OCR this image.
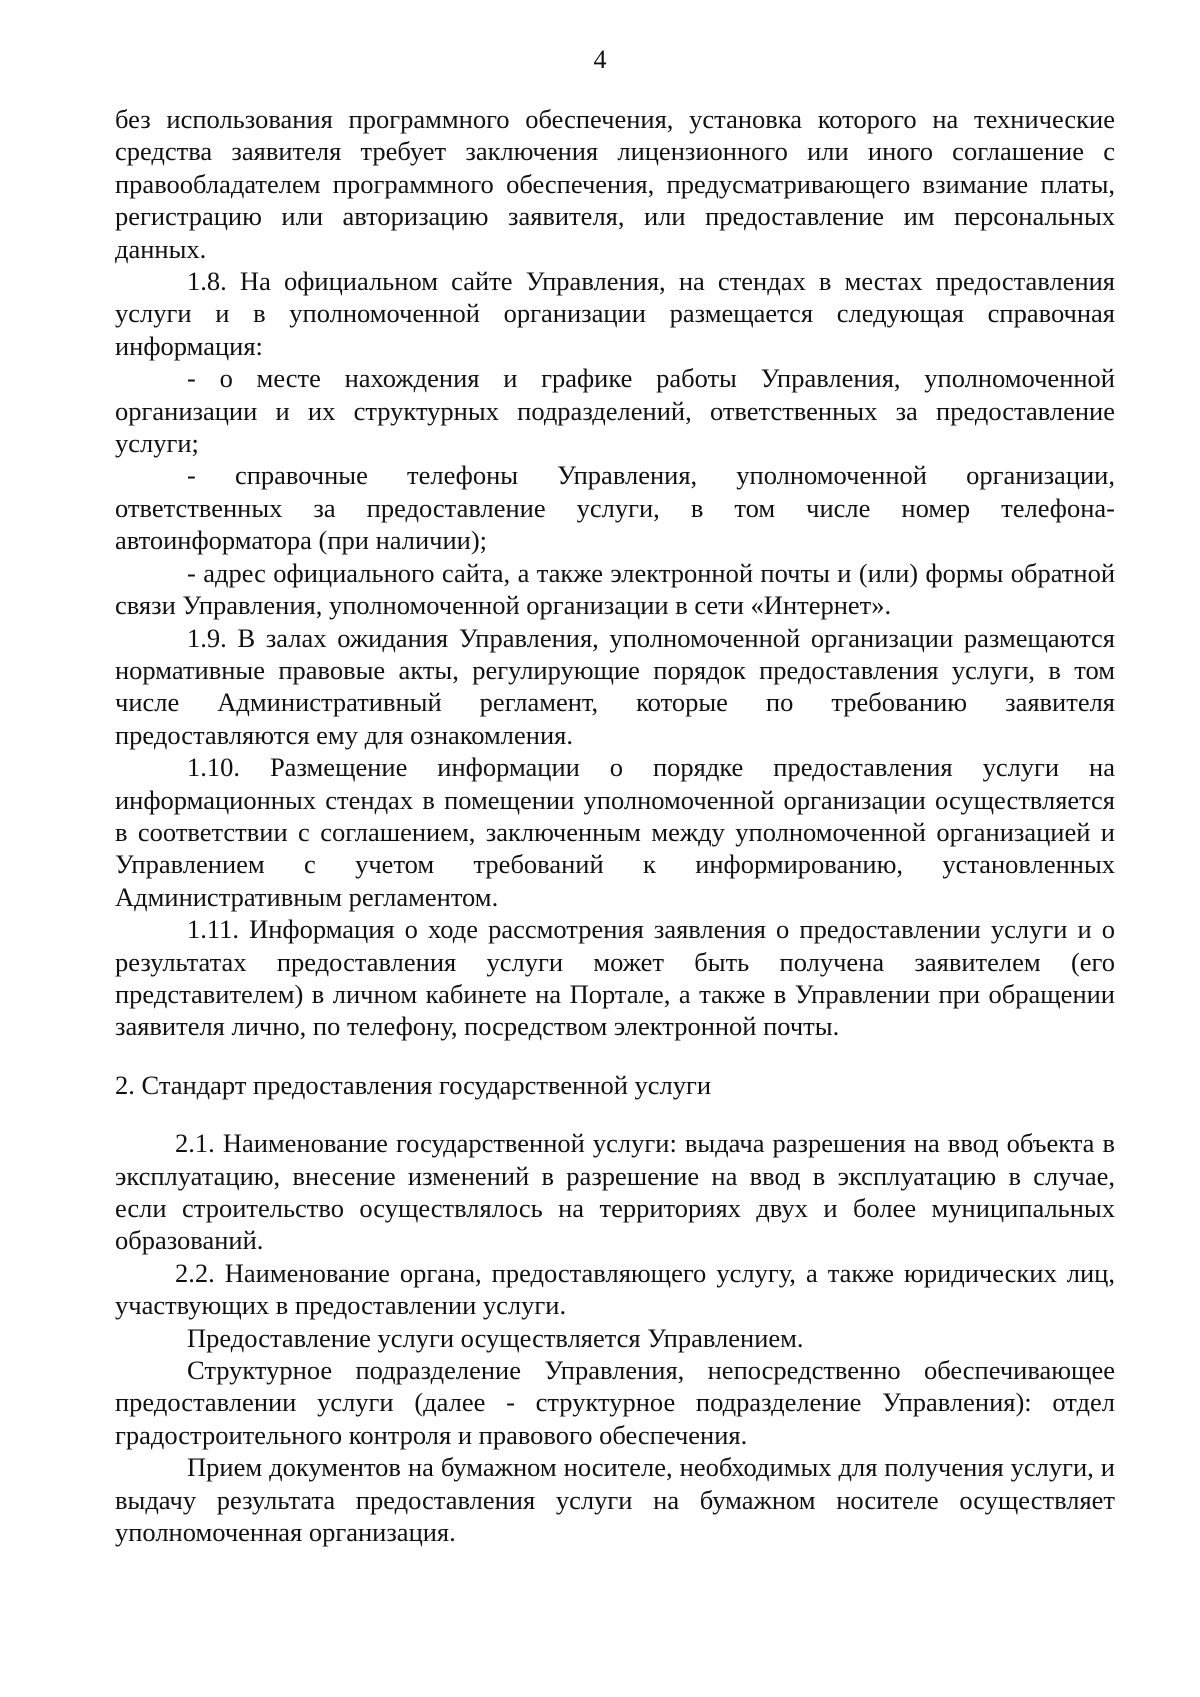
4

без использования программного обеспечения, установка которого на технические средства заявителя требует заключения лицензионного или иного соглашение с правообладателем программного обеспечения, предусматривающего взимание платы, регистрацию или авторизацию заявителя, или предоставление им персональных данных.

1.8. На официальном сайте Управления, на стендах в местах предоставления услуги и в уполномоченной организации размещается следующая справочная информация:

- о месте нахождения и графике работы Управления, уполномоченной организации и их структурных подразделений, ответственных за предоставление услуги;

- справочные телефоны Управления, уполномоченной организации, ответственных за предоставление услуги, в том числе номер телефона-автоинформатора (при наличии);

- адрес официального сайта, а также электронной почты и (или) формы обратной связи Управления, уполномоченной организации в сети «Интернет».

1.9. В залах ожидания Управления, уполномоченной организации размещаются нормативные правовые акты, регулирующие порядок предоставления услуги, в том числе Административный регламент, которые по требованию заявителя предоставляются ему для ознакомления.

1.10. Размещение информации о порядке предоставления услуги на информационных стендах в помещении уполномоченной организации осуществляется в соответствии с соглашением, заключенным между уполномоченной организацией и Управлением с учетом требований к информированию, установленных Административным регламентом.

1.11. Информация о ходе рассмотрения заявления о предоставлении услуги и о результатах предоставления услуги может быть получена заявителем (его представителем) в личном кабинете на Портале, а также в Управлении при обращении заявителя лично, по телефону, посредством электронной почты.

2. Стандарт предоставления государственной услуги

2.1. Наименование государственной услуги: выдача разрешения на ввод объекта в эксплуатацию, внесение изменений в разрешение на ввод в эксплуатацию в случае, если строительство осуществлялось на территориях двух и более муниципальных образований.

2.2. Наименование органа, предоставляющего услугу, а также юридических лиц, участвующих в предоставлении услуги.

Предоставление услуги осуществляется Управлением.

Структурное подразделение Управления, непосредственно обеспечивающее предоставлении услуги (далее - структурное подразделение Управления): отдел градостроительного контроля и правового обеспечения.

Прием документов на бумажном носителе, необходимых для получения услуги, и выдачу результата предоставления услуги на бумажном носителе осуществляет уполномоченная организация.
